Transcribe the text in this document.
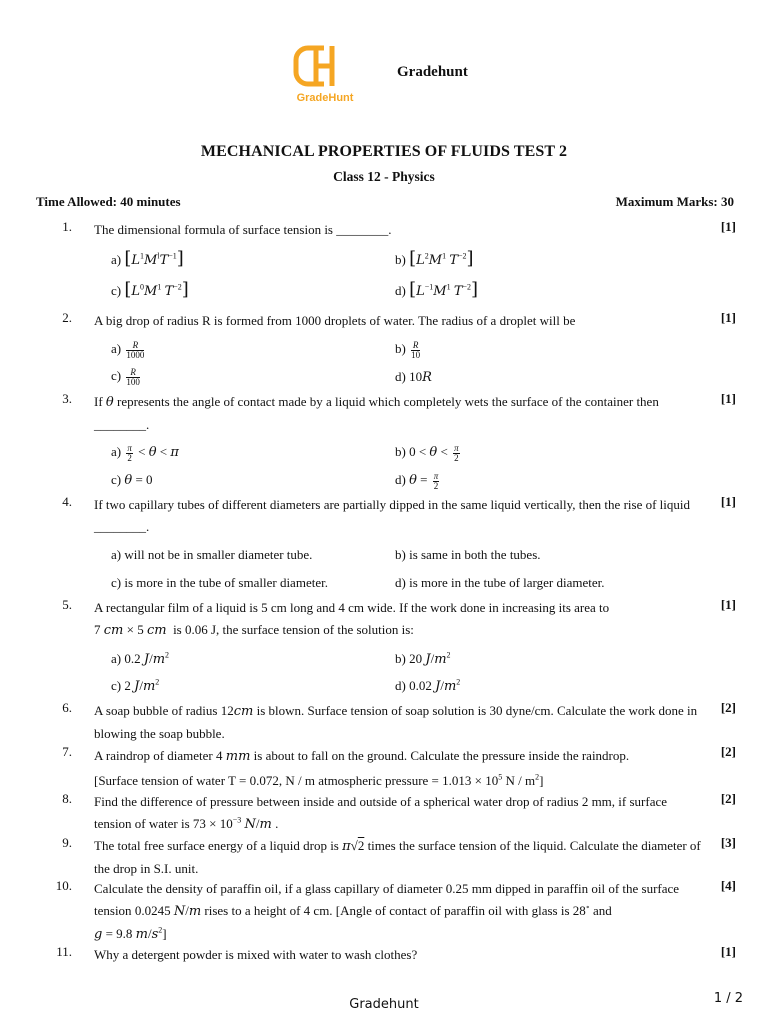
GradeHunt
Gradehunt
MECHANICAL PROPERTIES OF FLUIDS TEST 2
Class 12 - Physics
Time Allowed: 40 minutes	Maximum Marks: 30
1. The dimensional formula of surface tension is ________.	[1]
a) $[L^1M^lT^{-1}]$	b) [$L^2M^1$ $T^{-2}$]
c) [$L^0M^1$ $T^{-2}$]	d) [$L^{-1}M^1$ $T^{-2}$]
2. A big drop of radius R is formed from 1000 droplets of water. The radius of a droplet will be	[1]
$a) \frac{R}{1000}$	$b) \frac{R}{10}$
$c) \frac{R}{100}$	d) 10R
3. If θ represents the angle of contact made by a liquid which completely wets the surface of the container then ________.
[1]
$a) \frac{\pi}{2} < \theta < \pi$	b) $0 < \theta < \frac{\pi}{2}$
c) θ = 0	d) $\theta = \frac{\pi}{2}$
4. If two capillary tubes of different diameters are partially dipped in the same liquid vertically, then the rise of liquid ________.
[1]
a) will not be in smaller diameter tube.	b) is same in both the tubes.
c) is more in the tube of smaller diameter.	d) is more in the tube of larger diameter.
5. A rectangular film of a liquid is 5 cm long and 4 cm wide. If the work done in increasing its area to
7 cm × 5 cm is 0.06 J, the surface tension of the solution is:
[1]
a) 0.2 $J/m^2$	b) 20 $J/m^2$
c) 2 $J/m^2$	d) 0.02 $J/m^2$
6. A soap bubble of radius 12cm is blown. Surface tension of soap solution is 30 dyne/cm. Calculate the work done in blowing the soap bubble.
[2]
7. A raindrop of diameter 4 mm is about to fall on the ground. Calculate the pressure inside the raindrop.
[Surface tension of water T = 0.072, N / m atmospheric pressure = $1.013 \times 10^5$ N / $m^2$]
[2]
8. Find the difference of pressure between inside and outside of a spherical water drop of radius 2 mm, if surface tension of water is $73 \times 10^{-3}$ N/m .
[2]
9. The total free surface energy of a liquid drop is π√2 times the surface tension of the liquid. Calculate the diameter of the drop in S.I. unit.
[3]
10. Calculate the density of paraffin oil, if a glass capillary of diameter 0.25 mm dipped in paraffin oil of the surface tension 0.0245 N/m rises to a height of 4 cm. [Angle of contact of paraffin oil with glass is 28∘ and
g = 9.8 $m/s^2$]
[4]
11. Why a detergent powder is mixed with water to wash clothes?	[1]
Gradehunt	1 / 2
